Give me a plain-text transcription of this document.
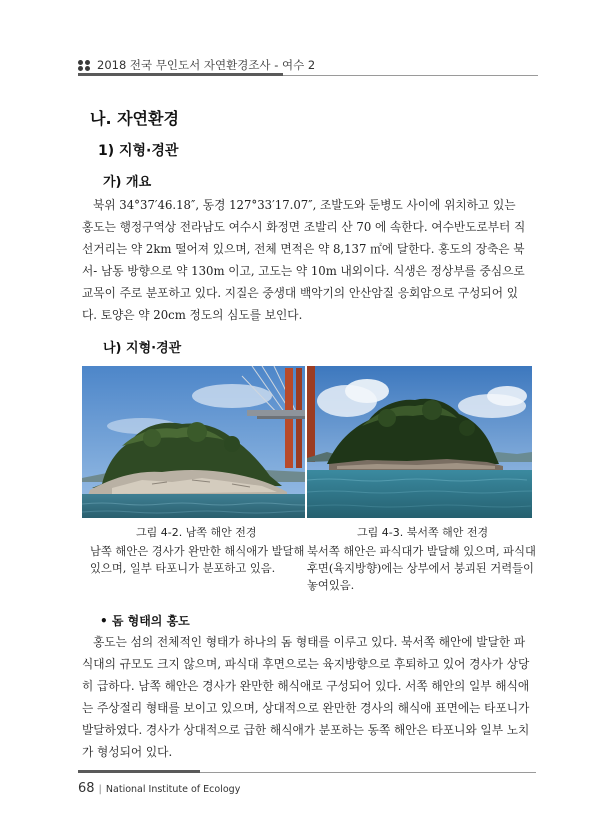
2018 전국 무인도서 자연환경조사 - 여수 2
나. 자연환경
1) 지형·경관
가) 개요
북위 34°37′46.18″, 동경 127°33′17.07″, 조발도와 둔병도 사이에 위치하고 있는
홍도는 행정구역상 전라남도 여수시 화정면 조발리 산 70 에 속한다. 여수반도로부터 직
선거리는 약 2km 떨어져 있으며, 전체 면적은 약 8,137 ㎡에 달한다. 홍도의 장축은 북
서- 남동 방향으로 약 130m 이고, 고도는 약 10m 내외이다. 식생은 정상부를 중심으로
교목이 주로 분포하고 있다. 지질은 중생대 백악기의 안산암질 응회암으로 구성되어 있
다. 토양은 약 20cm 정도의 심도를 보인다.
나) 지형·경관
그림 4-2. 남쪽 해안 전경	그림 4-3. 북서쪽 해안 전경
남쪽 해안은 경사가 완만한 해식애가 발달해
있으며, 일부 타포니가 분포하고 있음.
북서쪽 해안은 파식대가 발달해 있으며, 파식대
후면(육지방향)에는 상부에서 붕괴된 거력들이
놓여있음.
• 돔 형태의 홍도
홍도는 섬의 전체적인 형태가 하나의 돔 형태를 이루고 있다. 북서쪽 해안에 발달한 파
식대의 규모도 크지 않으며, 파식대 후면으로는 육지방향으로 후퇴하고 있어 경사가 상당
히 급하다. 남쪽 해안은 경사가 완만한 해식애로 구성되어 있다. 서쪽 해안의 일부 해식애
는 주상절리 형태를 보이고 있으며, 상대적으로 완만한 경사의 해식애 표면에는 타포니가
발달하였다. 경사가 상대적으로 급한 해식애가 분포하는 동쪽 해안은 타포니와 일부 노치
가 형성되어 있다.
68 | National Institute of Ecology
